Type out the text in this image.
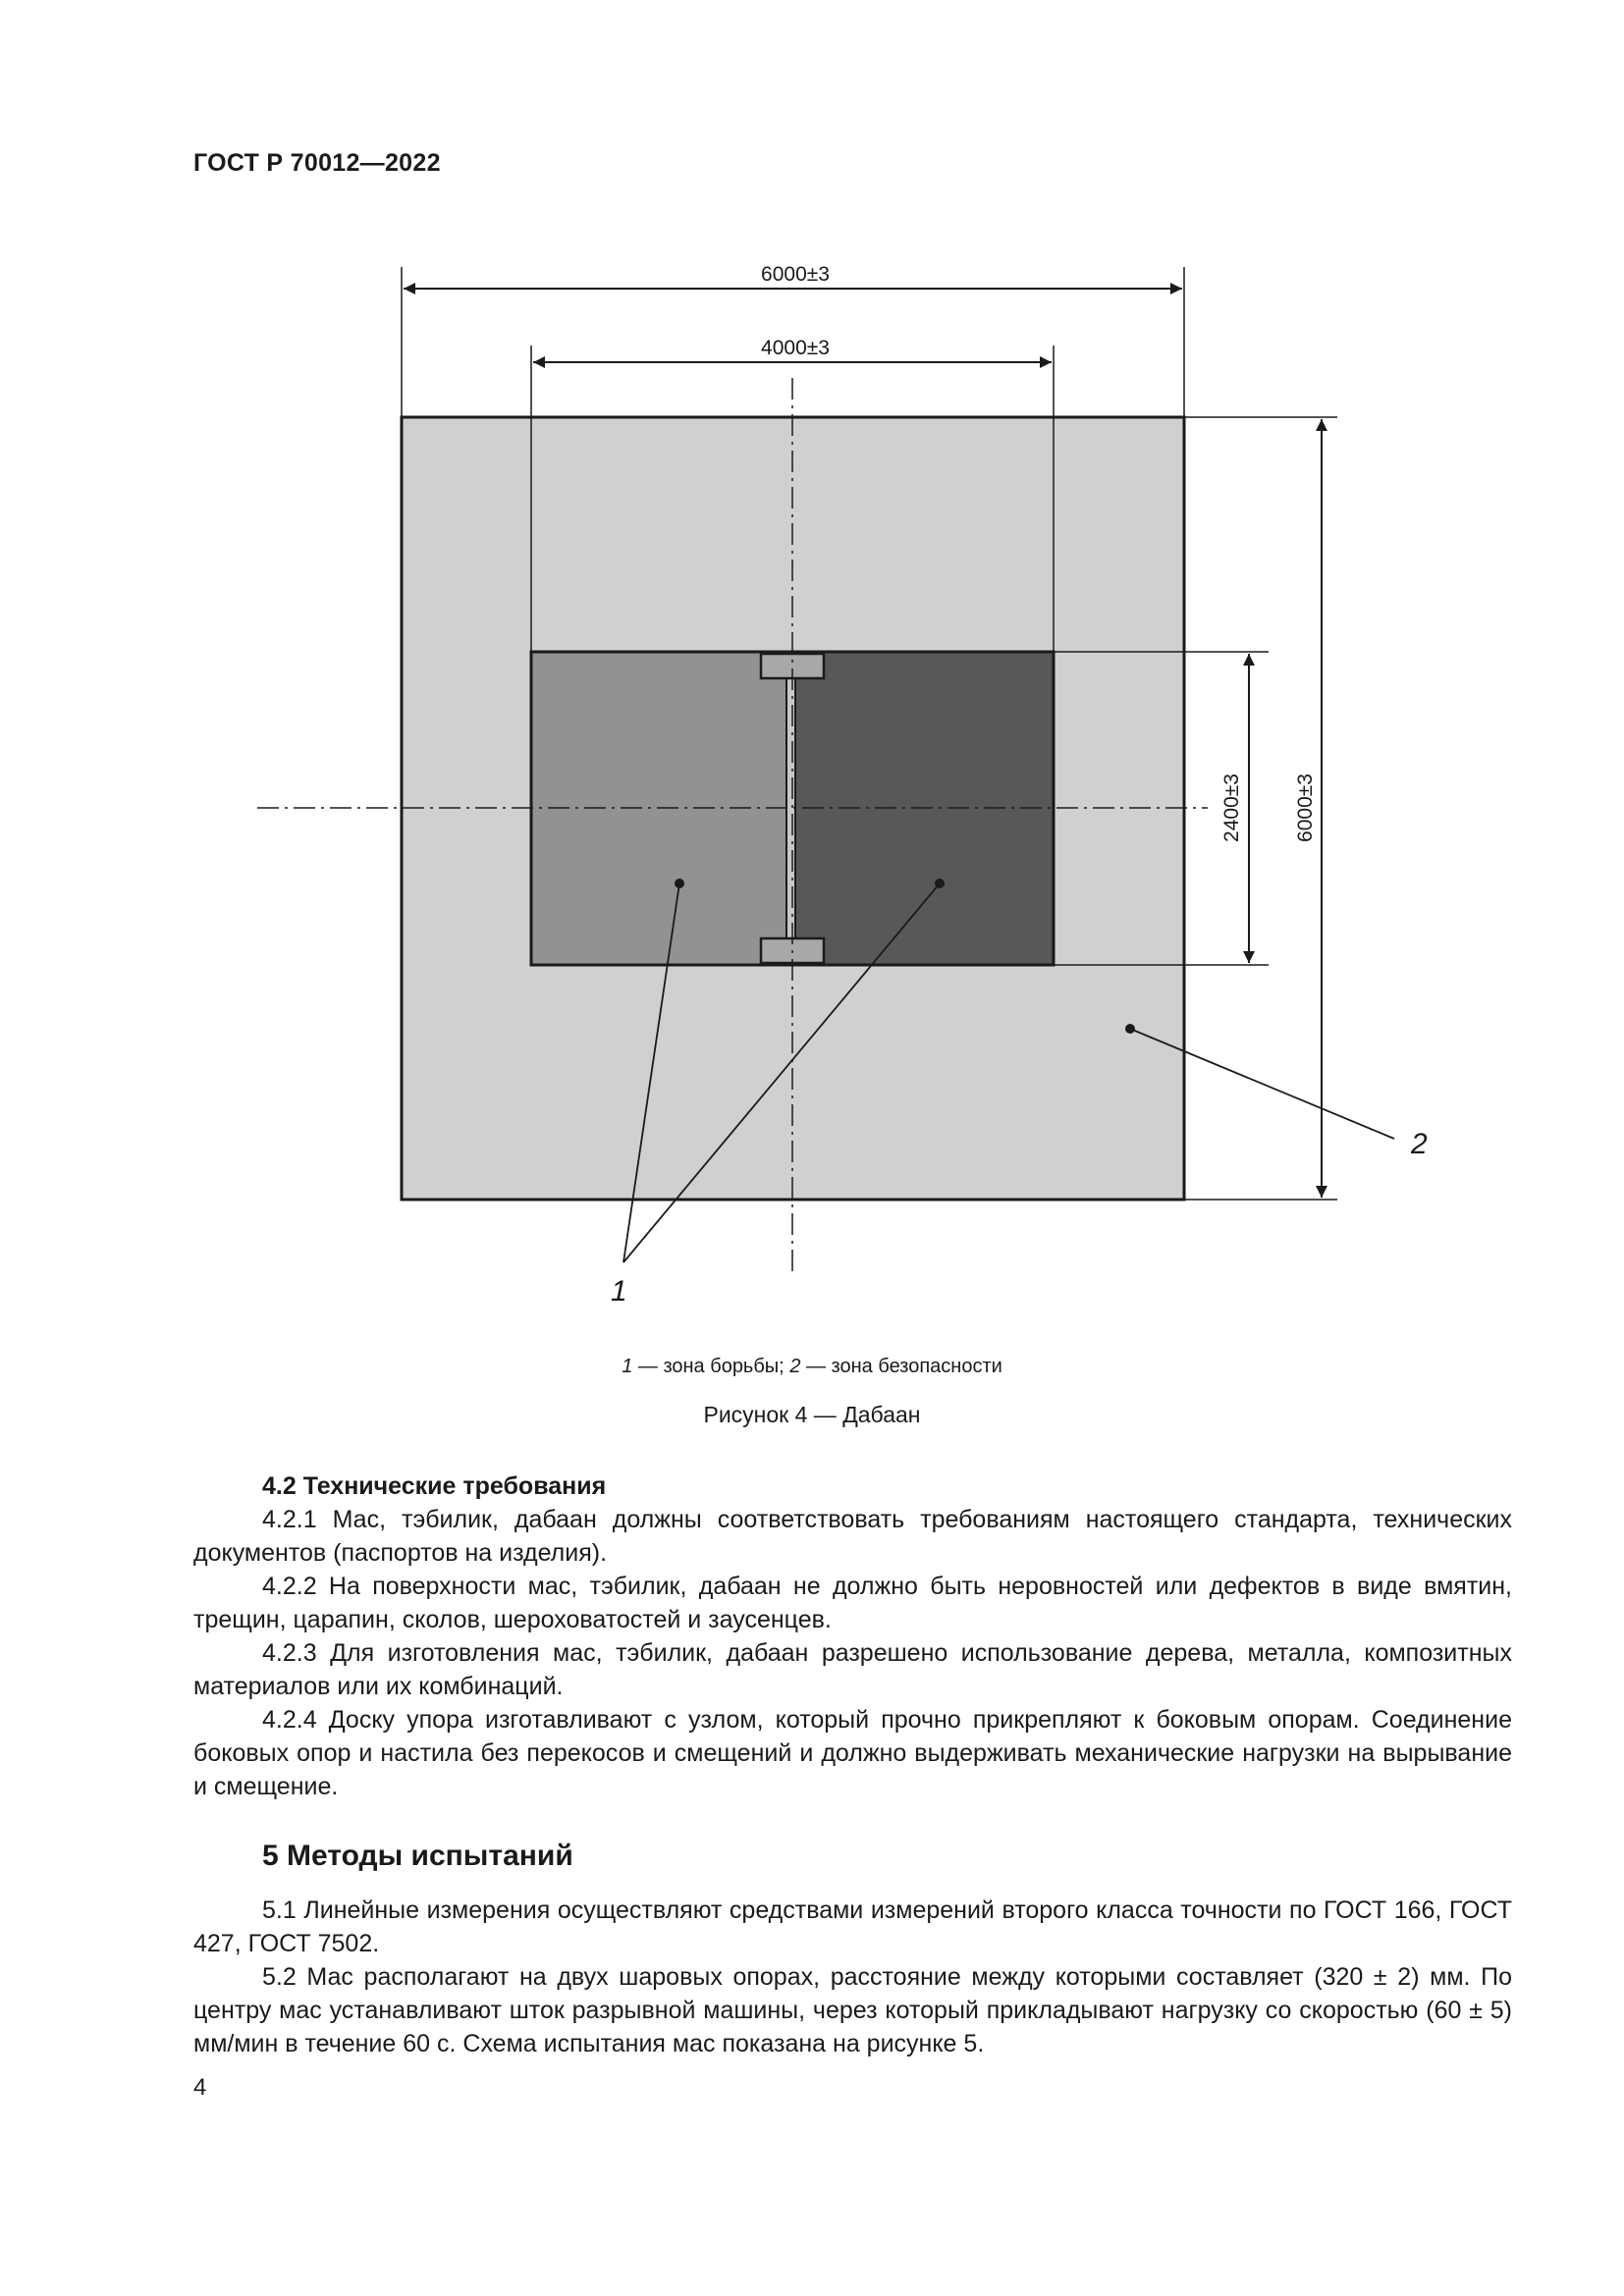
ГОСТ Р 70012—2022
6000±3
4000±3
2400±3 6000±3
1
2
1 — зона борьбы; 2 — зона безопасности
Рисунок 4 — Дабаан
4.2 Технические требования

4.2.1 Мас, тэбилик, дабаан должны соответствовать требованиям настоящего стандарта, технических документов (паспортов на изделия).

4.2.2 На поверхности мас, тэбилик, дабаан не должно быть неровностей или дефектов в виде вмятин, трещин, царапин, сколов, шероховатостей и заусенцев.

4.2.3 Для изготовления мас, тэбилик, дабаан разрешено использование дерева, металла, композитных материалов или их комбинаций.

4.2.4 Доску упора изготавливают с узлом, который прочно прикрепляют к боковым опорам. Соединение боковых опор и настила без перекосов и смещений и должно выдерживать механические нагрузки на вырывание и смещение.

5 Методы испытаний

5.1 Линейные измерения осуществляют средствами измерений второго класса точности по ГОСТ 166, ГОСТ 427, ГОСТ 7502.

5.2 Мас располагают на двух шаровых опорах, расстояние между которыми составляет (320 ± 2) мм. По центру мас устанавливают шток разрывной машины, через который прикладывают нагрузку со скоростью (60 ± 5) мм/мин в течение 60 с. Схема испытания мас показана на рисунке 5.

4
